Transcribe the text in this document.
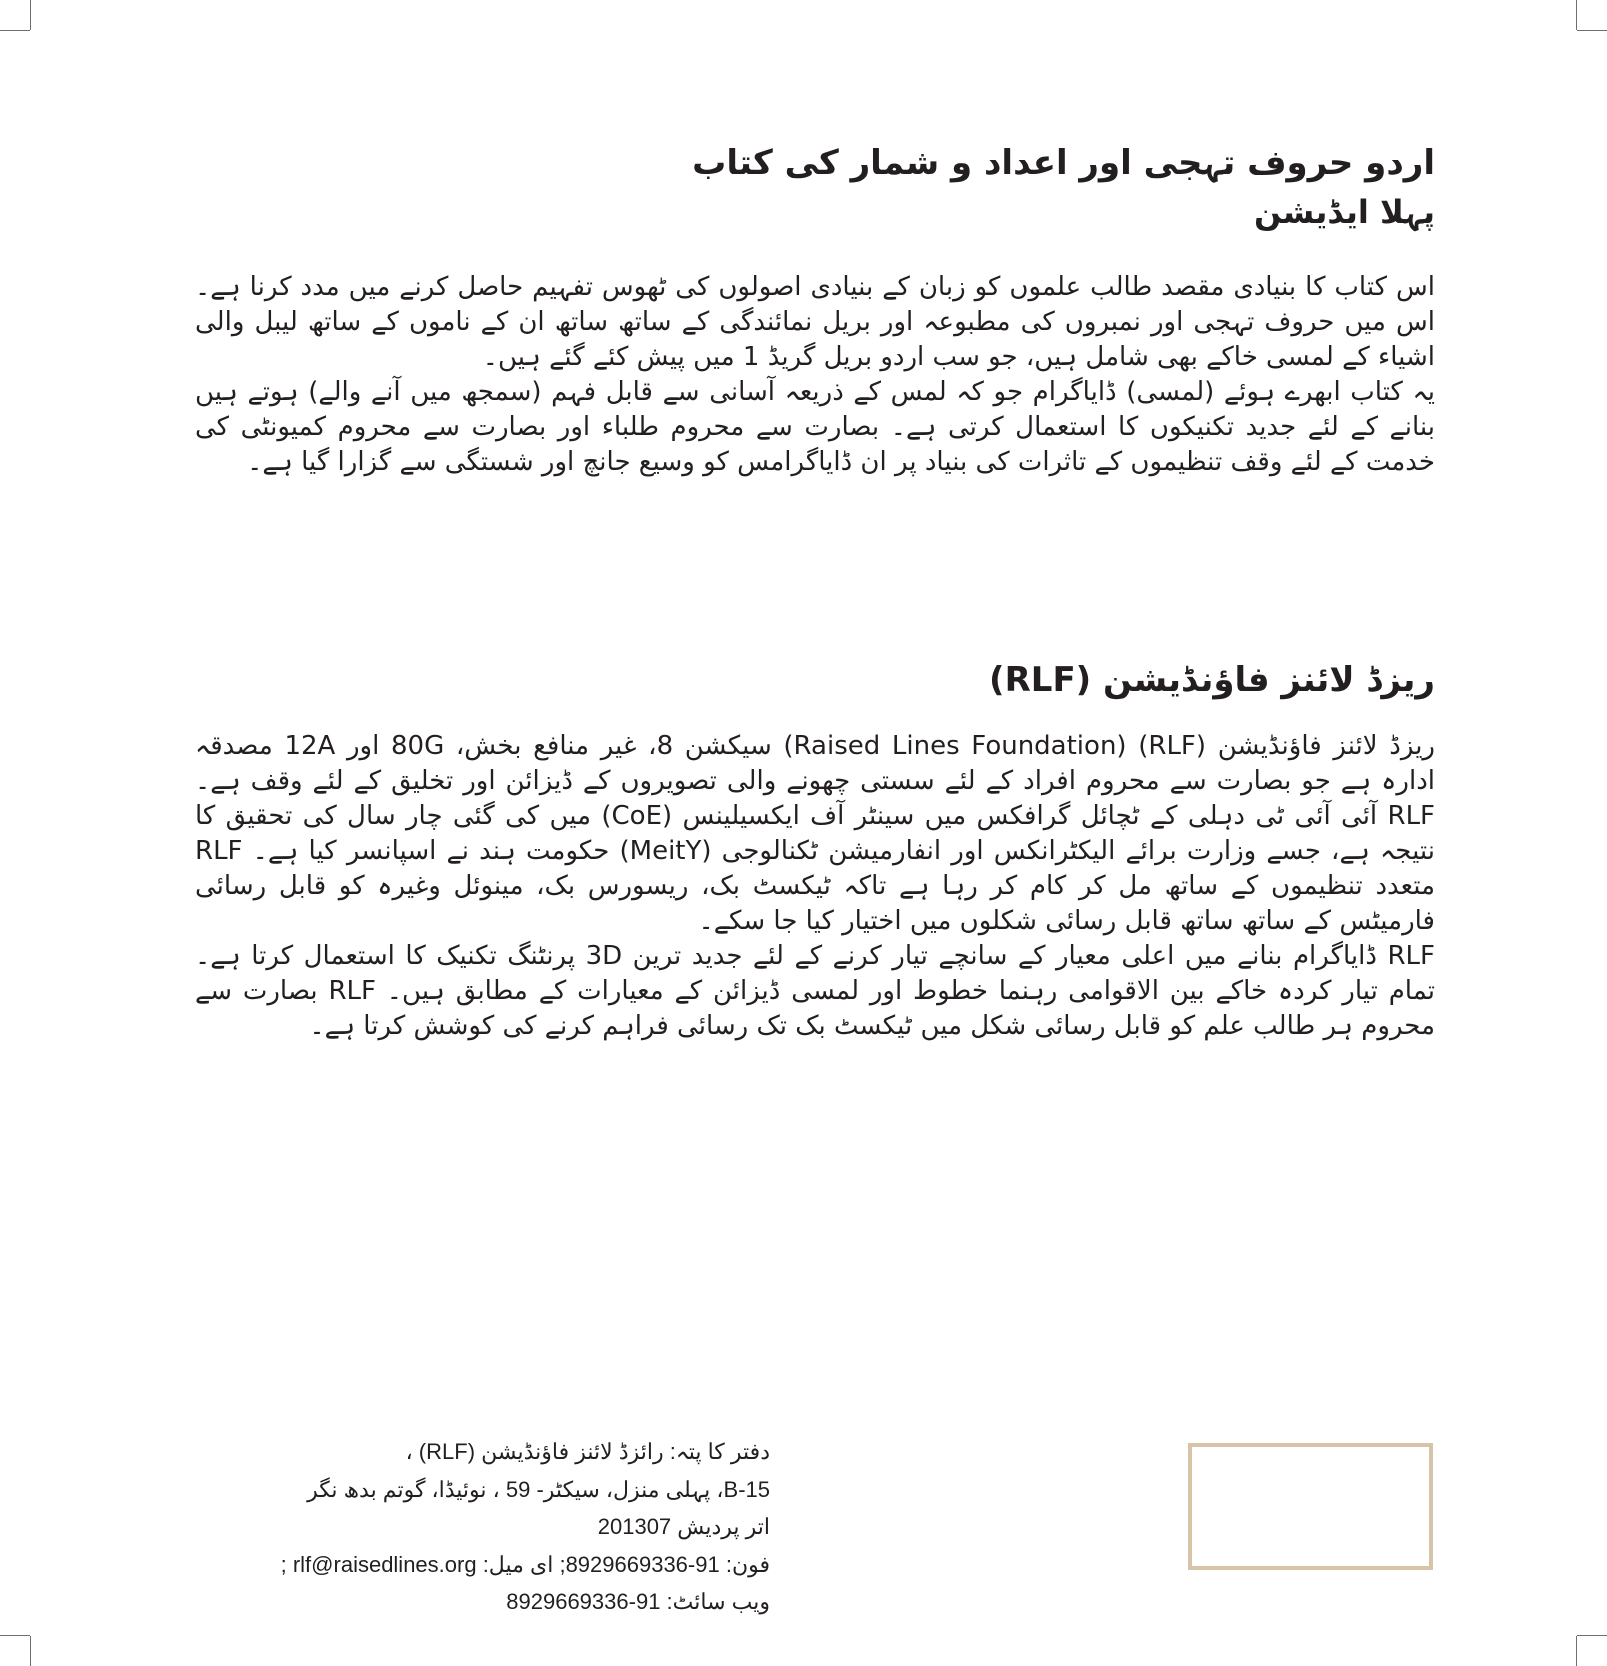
اردو حروف تہجی اور اعداد و شمار کی کتاب
پہلا ایڈیشن

اس کتاب کا بنیادی مقصد طالب علموں کو زبان کے بنیادی اصولوں کی ٹھوس تفہیم حاصل کرنے میں مدد کرنا ہے۔ اس میں حروف تہجی اور نمبروں کی مطبوعہ اور بریل نمائندگی کے ساتھ ساتھ ان کے ناموں کے ساتھ لیبل والی اشیاء کے لمسی خاکے بھی شامل ہیں، جو سب اردو بریل گریڈ 1 میں پیش کئے گئے ہیں۔

یہ کتاب ابھرے ہوئے (لمسی) ڈایاگرام جو کہ لمس کے ذریعہ آسانی سے قابل فہم (سمجھ میں آنے والے) ہوتے ہیں بنانے کے لئے جدید تکنیکوں کا استعمال کرتی ہے۔ بصارت سے محروم طلباء اور بصارت سے محروم کمیونٹی کی خدمت کے لئے وقف تنظیموں کے تاثرات کی بنیاد پر ان ڈایاگرامس کو وسیع جانچ اور شستگی سے گزارا گیا ہے۔

ریزڈ لائنز فاؤنڈیشن (RLF)

ریزڈ لائنز فاؤنڈیشن (RLF) (Raised Lines Foundation) سیکشن 8، غیر منافع بخش، 80G اور 12A مصدقہ ادارہ ہے جو بصارت سے محروم افراد کے لئے سستی چھونے والی تصویروں کے ڈیزائن اور تخلیق کے لئے وقف ہے۔ RLF آئی آئی ٹی دہلی کے ٹچائل گرافکس میں سینٹر آف ایکسیلینس (CoE) میں کی گئی چار سال کی تحقیق کا نتیجہ ہے، جسے وزارت برائے الیکٹرانکس اور انفارمیشن ٹکنالوجی (MeitY) حکومت ہند نے اسپانسر کیا ہے۔ RLF متعدد تنظیموں کے ساتھ مل کر کام کر رہا ہے تاکہ ٹیکسٹ بک، ریسورس بک، مینوئل وغیرہ کو قابل رسائی فارمیٹس کے ساتھ ساتھ قابل رسائی شکلوں میں اختیار کیا جا سکے۔

RLF ڈایاگرام بنانے میں اعلی معیار کے سانچے تیار کرنے کے لئے جدید ترین 3D پرنٹنگ تکنیک کا استعمال کرتا ہے۔ تمام تیار کردہ خاکے بین الاقوامی رہنما خطوط اور لمسی ڈیزائن کے معیارات کے مطابق ہیں۔ RLF بصارت سے محروم ہر طالب علم کو قابل رسائی شکل میں ٹیکسٹ بک تک رسائی فراہم کرنے کی کوشش کرتا ہے۔

دفتر کا پتہ: رائزڈ لائنز فاؤنڈیشن (RLF) ،

B-15، پہلی منزل، سیکٹر- 59 ، نوئیڈا، گوتم بدھ نگر

اتر پردیش 201307

فون: 91-8929669336; ای میل: rlf@raisedlines.org ;

ویب سائٹ: 91-8929669336
